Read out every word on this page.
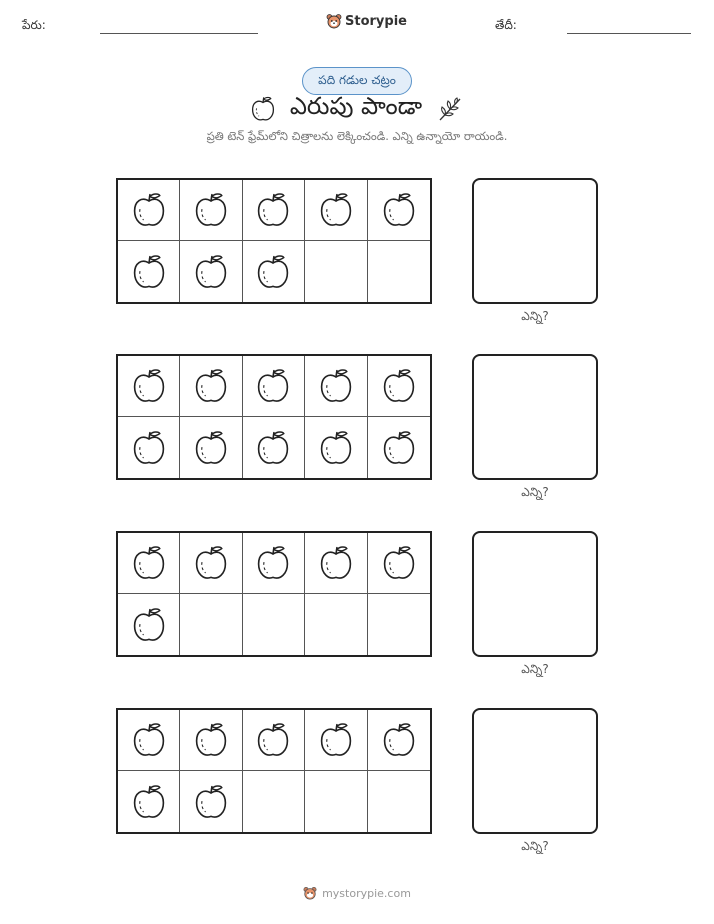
పేరు:	Storypie	తేదీ:
పది గడుల చట్రం
ఎరుపు పాండా
ప్రతి టెన్ ఫ్రేమ్‌లోని చిత్రాలను లెక్కించండి. ఎన్ని ఉన్నాయో రాయండి.
ఎన్ని?
ఎన్ని?
ఎన్ని?
ఎన్ని?
mystorypie.com
